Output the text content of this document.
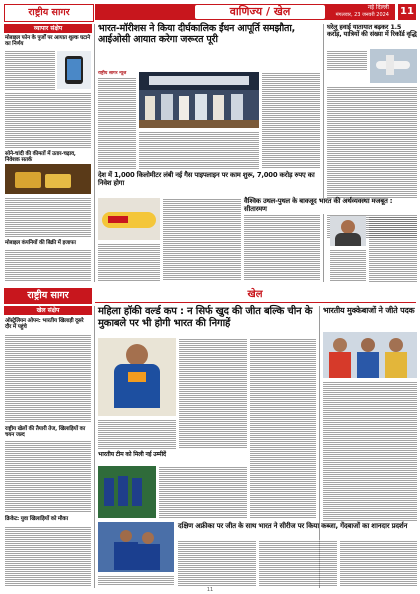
राष्ट्रीय सागर	वाणिज्य / खेल	नई दिल्ली
मंगलवार, 23 जनवरी 2024 11
व्यापार संक्षेप
मोबाइल फोन के पुर्जों पर आयात शुल्क घटाने का निर्णय
सोने-चांदी की कीमतों में उतार-चढ़ाव, निवेशक सतर्क
मोबाइल कंपनियों की बिक्री में इजाफा
भारत-मॉरीशस ने किया दीर्घकालिक ईंधन आपूर्ति समझौता, आईओसी आयात करेगा जरूरत पूरी
राष्ट्रीय सागर न्यूज
घरेलू हवाई यातायात बढ़कर 1.5 करोड़, यात्रियों की संख्या में रिकॉर्ड वृद्धि
देश में 1,000 किलोमीटर लंबी नई गैस पाइपलाइन पर काम शुरू, 7,000 करोड़ रुपए का निवेश होगा
वैश्विक उथल-पुथल के बावजूद भारत की अर्थव्यवस्था मजबूत : सीतारमण
राष्ट्रीय सागर	खेल
खेल संक्षेप
ऑस्ट्रेलियन ओपन: भारतीय खिलाड़ी दूसरे दौर में पहुंचे
राष्ट्रीय खेलों की तैयारी तेज, खिलाड़ियों का चयन जल्द
क्रिकेट: युवा खिलाड़ियों को मौका
महिला हॉकी वर्ल्ड कप : न सिर्फ खुद की जीत बल्कि चीन के मुकाबले पर भी होगी भारत की निगाहें
भारतीय मुक्केबाजों ने जीते पदक
भारतीय टीम को मिली नई उम्मीदें
दक्षिण अफ्रीका पर जीत के साथ भारत ने सीरीज पर किया कब्जा, गेंदबाजों का शानदार प्रदर्शन
11
